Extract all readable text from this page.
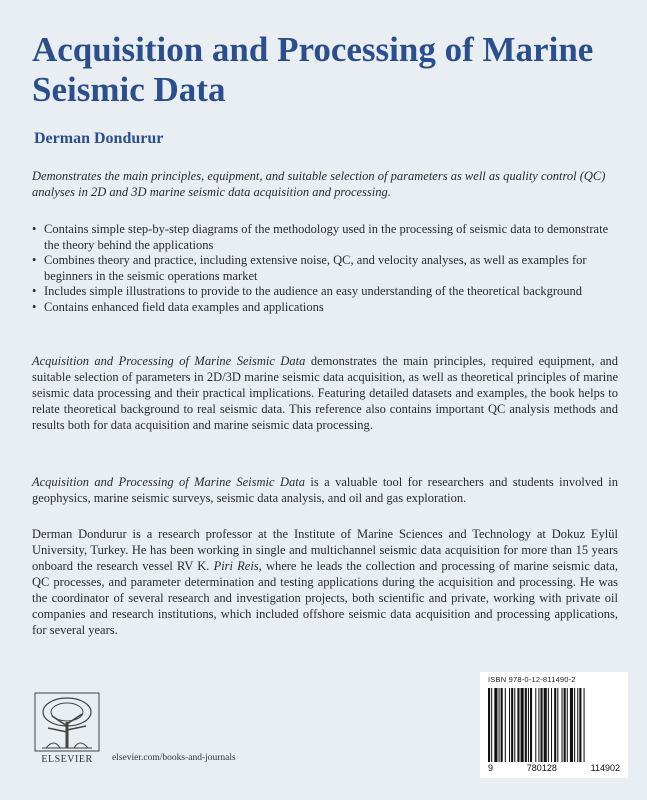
Acquisition and Processing of Marine Seismic Data
Derman Dondurur

Demonstrates the main principles, equipment, and suitable selection of parameters as well as quality control (QC) analyses in 2D and 3D marine seismic data acquisition and processing.

• Contains simple step-by-step diagrams of the methodology used in the processing of seismic data to demonstrate the theory behind the applications
• Combines theory and practice, including extensive noise, QC, and velocity analyses, as well as examples for beginners in the seismic operations market
• Includes simple illustrations to provide to the audience an easy understanding of the theoretical background
• Contains enhanced field data examples and applications

Acquisition and Processing of Marine Seismic Data demonstrates the main principles, required equipment, and suitable selection of parameters in 2D/3D marine seismic data acquisition, as well as theoretical principles of marine seismic data processing and their practical implications. Featuring detailed datasets and examples, the book helps to relate theoretical background to real seismic data. This reference also contains important QC analysis methods and results both for data acquisition and marine seismic data processing.

Acquisition and Processing of Marine Seismic Data is a valuable tool for researchers and students involved in geophysics, marine seismic surveys, seismic data analysis, and oil and gas exploration.

Derman Dondurur is a research professor at the Institute of Marine Sciences and Technology at Dokuz Eylül University, Turkey. He has been working in single and multichannel seismic data acquisition for more than 15 years onboard the research vessel RV K. Piri Reis, where he leads the collection and processing of marine seismic data, QC processes, and parameter determination and testing applications during the acquisition and processing. He was the coordinator of several research and investigation projects, both scientific and private, working with private oil companies and research institutions, which included offshore seismic data acquisition and processing applications, for several years.

ELSEVIER	elsevier.com/books-and-journals
ISBN 978-0-12-811490-2
9	780128	114902
